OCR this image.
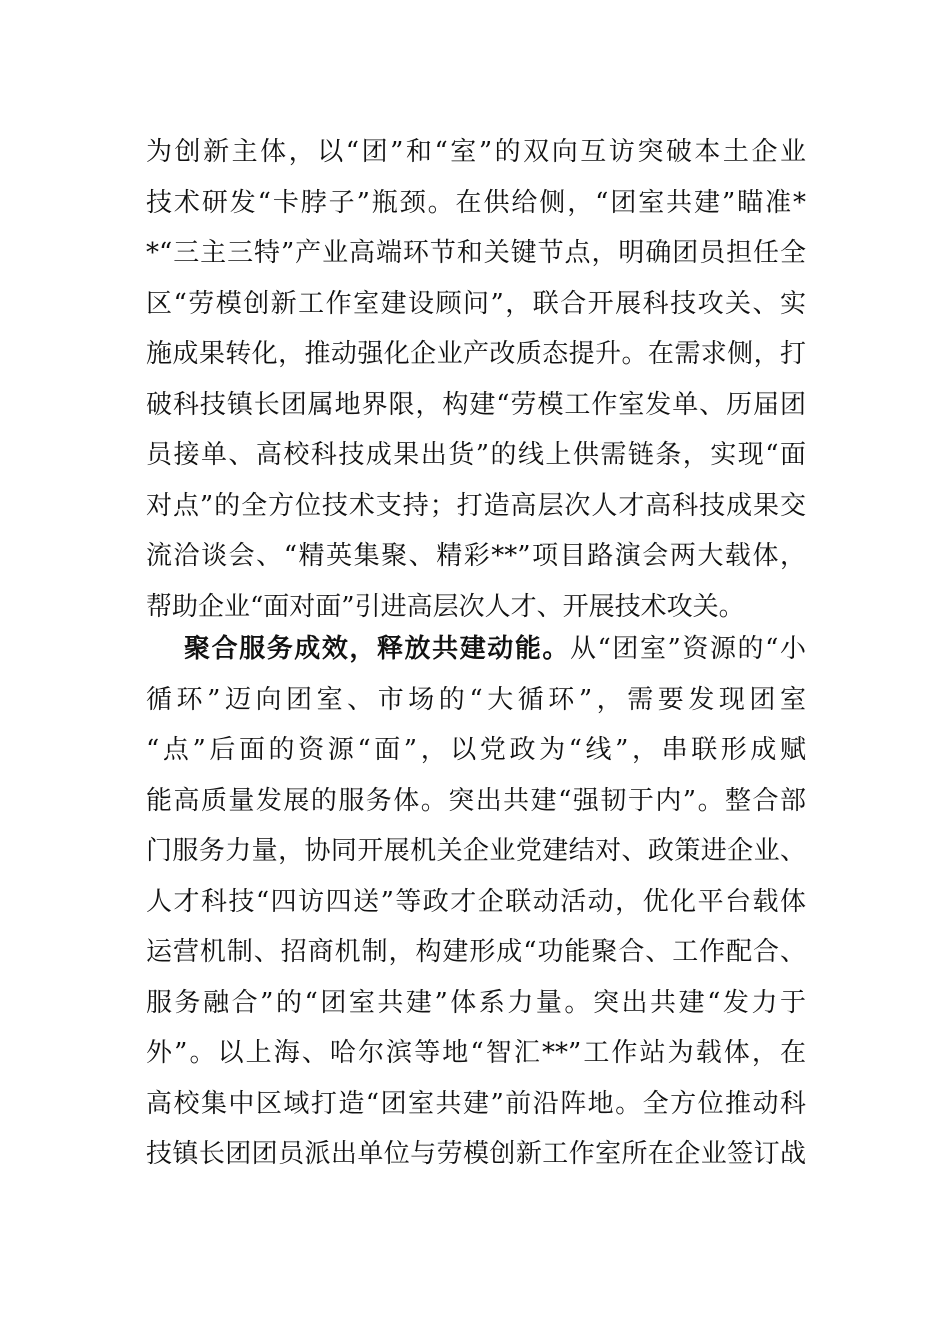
为创新主体，以“团”和“室”的双向互访突破本土企业
技术研发“卡脖子”瓶颈。在供给侧，“团室共建”瞄准*
*“三主三特”产业高端环节和关键节点，明确团员担任全
区“劳模创新工作室建设顾问”，联合开展科技攻关、实
施成果转化，推动强化企业产改质态提升。在需求侧，打
破科技镇长团属地界限，构建“劳模工作室发单、历届团
员接单、高校科技成果出货”的线上供需链条，实现“面
对点”的全方位技术支持；打造高层次人才高科技成果交
流洽谈会、“精英集聚、精彩**”项目路演会两大载体，
帮助企业“面对面”引进高层次人才、开展技术攻关。
聚合服务成效，释放共建动能。从“团室”资源的“小
循环”迈向团室、市场的“大循环”，需要发现团室
“点”后面的资源“面”，以党政为“线”，串联形成赋
能高质量发展的服务体。突出共建“强韧于内”。整合部
门服务力量，协同开展机关企业党建结对、政策进企业、
人才科技“四访四送”等政才企联动活动，优化平台载体
运营机制、招商机制，构建形成“功能聚合、工作配合、
服务融合”的“团室共建”体系力量。突出共建“发力于
外”。以上海、哈尔滨等地“智汇**”工作站为载体，在
高校集中区域打造“团室共建”前沿阵地。全方位推动科
技镇长团团员派出单位与劳模创新工作室所在企业签订战
